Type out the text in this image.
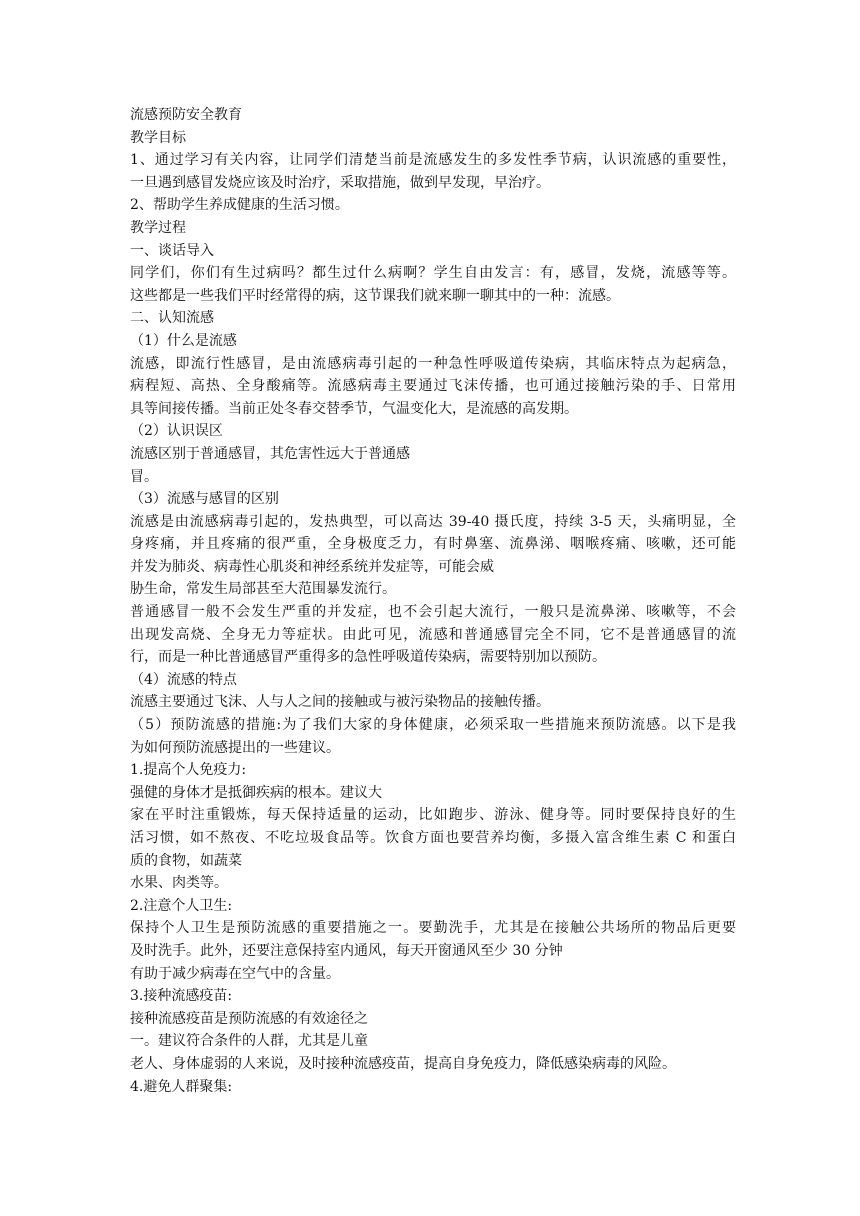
流感预防安全教育
教学目标
1、通过学习有关内容，让同学们清楚当前是流感发生的多发性季节病，认识流感的重要性，
一旦遇到感冒发烧应该及时治疗，采取措施，做到早发现，早治疗。
2、帮助学生养成健康的生活习惯。
教学过程
一、谈话导入
同学们，你们有生过病吗？都生过什么病啊？学生自由发言：有，感冒，发烧，流感等等。
这些都是一些我们平时经常得的病，这节课我们就来聊一聊其中的一种：流感。
二、认知流感
（1）什么是流感
流感，即流行性感冒，是由流感病毒引起的一种急性呼吸道传染病，其临床特点为起病急，
病程短、高热、全身酸痛等。流感病毒主要通过飞沫传播，也可通过接触污染的手、日常用
具等间接传播。当前正处冬春交替季节，气温变化大，是流感的高发期。
（2）认识误区
流感区别于普通感冒，其危害性远大于普通感
冒。
（3）流感与感冒的区别
流感是由流感病毒引起的，发热典型，可以高达 39-40 摄氏度，持续 3-5 天，头痛明显，全
身疼痛，并且疼痛的很严重，全身极度乏力，有时鼻塞、流鼻涕、咽喉疼痛、咳嗽，还可能
并发为肺炎、病毒性心肌炎和神经系统并发症等，可能会威
胁生命，常发生局部甚至大范围暴发流行。
普通感冒一般不会发生严重的并发症，也不会引起大流行，一般只是流鼻涕、咳嗽等，不会
出现发高烧、全身无力等症状。由此可见，流感和普通感冒完全不同，它不是普通感冒的流
行，而是一种比普通感冒严重得多的急性呼吸道传染病，需要特别加以预防。
（4）流感的特点
流感主要通过飞沫、人与人之间的接触或与被污染物品的接触传播。
（5）预防流感的措施:为了我们大家的身体健康，必须采取一些措施来预防流感。以下是我
为如何预防流感提出的一些建议。
1.提高个人免疫力:
强健的身体才是抵御疾病的根本。建议大
家在平时注重锻炼，每天保持适量的运动，比如跑步、游泳、健身等。同时要保持良好的生
活习惯，如不熬夜、不吃垃圾食品等。饮食方面也要营养均衡，多摄入富含维生素 C 和蛋白
质的食物，如蔬菜
水果、肉类等。
2.注意个人卫生:
保持个人卫生是预防流感的重要措施之一。要勤洗手，尤其是在接触公共场所的物品后更要
及时洗手。此外，还要注意保持室内通风，每天开窗通风至少 30 分钟
有助于减少病毒在空气中的含量。
3.接种流感疫苗:
接种流感疫苗是预防流感的有效途径之
一。建议符合条件的人群，尤其是儿童
老人、身体虚弱的人来说，及时接种流感疫苗，提高自身免疫力，降低感染病毒的风险。
4.避免人群聚集:
